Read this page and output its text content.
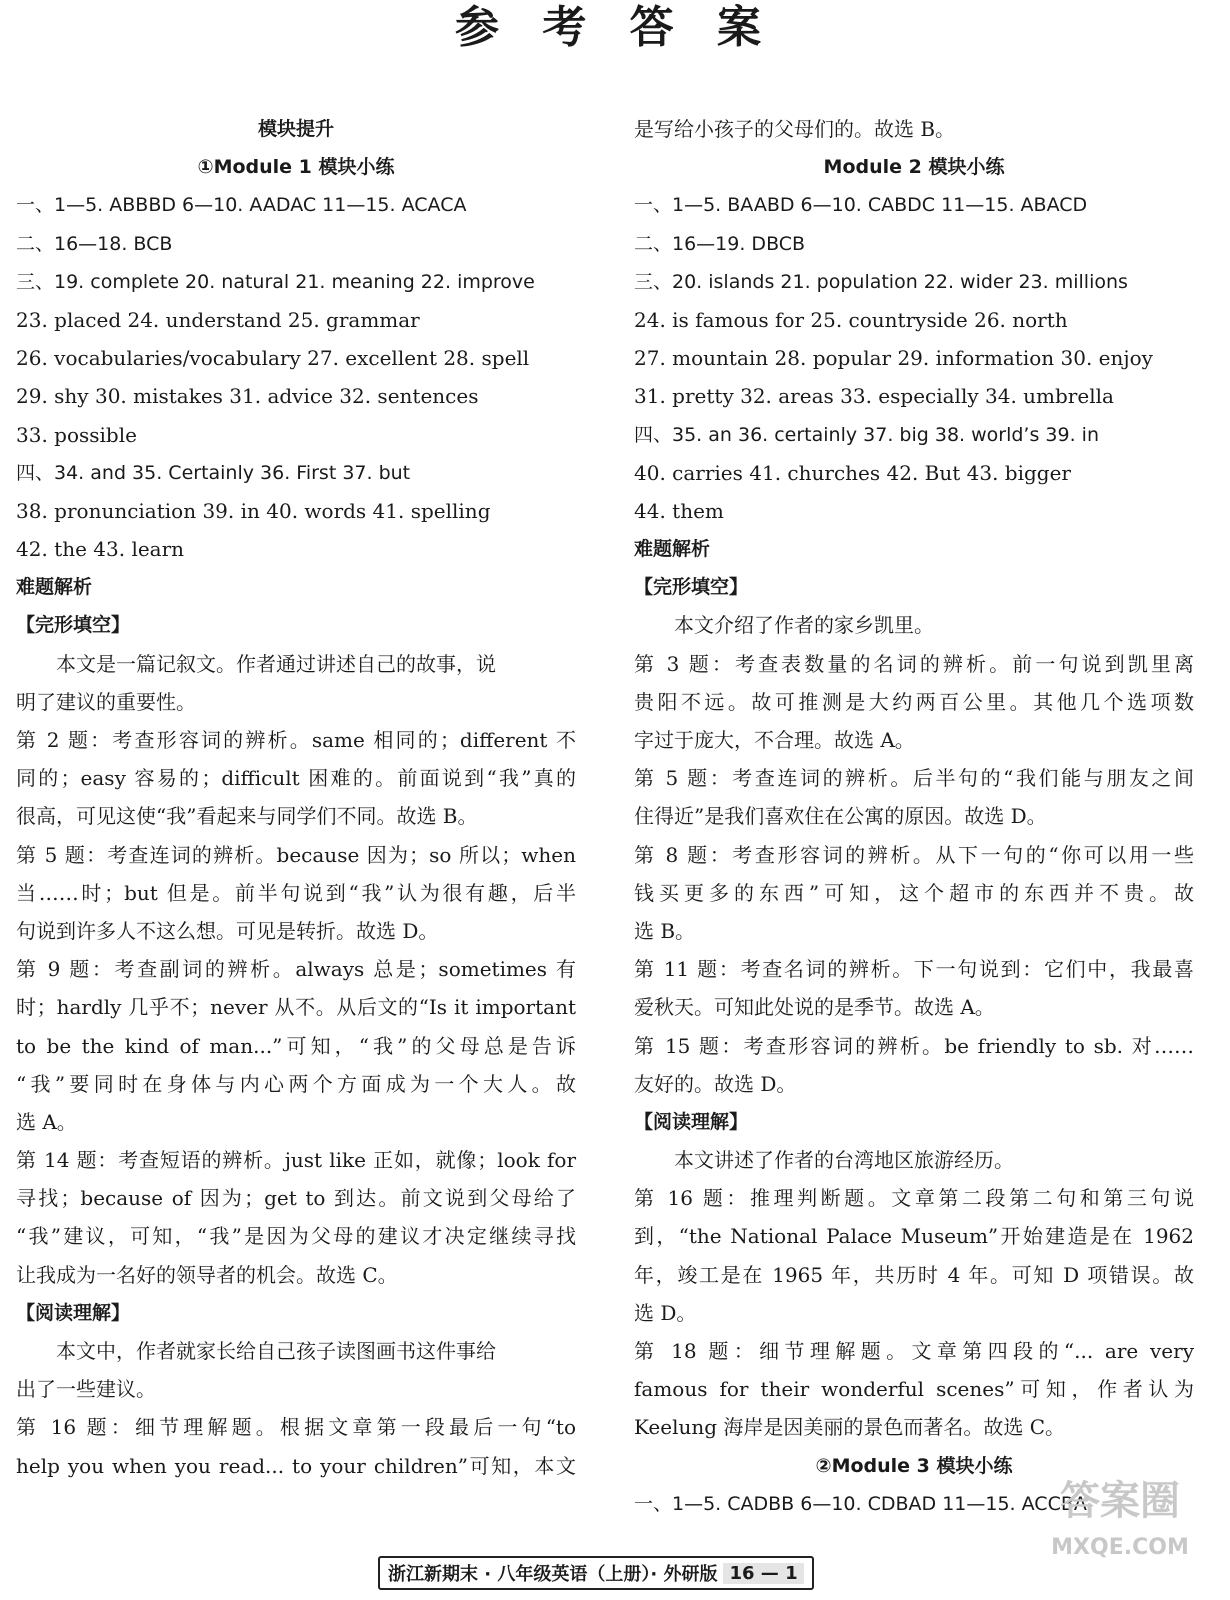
参 考 答 案
模块提升
①Module 1 模块小练
一、1—5. ABBBD 6—10. AADAC 11—15. ACACA
二、16—18. BCB
三、19. complete 20. natural 21. meaning 22. improve
23. placed 24. understand 25. grammar
26. vocabularies/vocabulary 27. excellent 28. spell
29. shy 30. mistakes 31. advice 32. sentences
33. possible
四、34. and 35. Certainly 36. First 37. but
38. pronunciation 39. in 40. words 41. spelling
42. the 43. learn
难题解析
【完形填空】
本文是一篇记叙文。作者通过讲述自己的故事，说
明了建议的重要性。
第 2 题：考查形容词的辨析。same 相同的；different 不
同的；easy 容易的；difficult 困难的。前面说到“我”真的
很高，可见这使“我”看起来与同学们不同。故选 B。
第 5 题：考查连词的辨析。because 因为；so 所以；when
当……时；but 但是。前半句说到“我”认为很有趣，后半
句说到许多人不这么想。可见是转折。故选 D。
第 9 题：考查副词的辨析。always 总是；sometimes 有
时；hardly 几乎不；never 从不。从后文的“Is it important
to be the kind of man...”可知，“我”的父母总是告诉
“我”要同时在身体与内心两个方面成为一个大人。故
选 A。
第 14 题：考查短语的辨析。just like 正如，就像；look for
寻找；because of 因为；get to 到达。前文说到父母给了
“我”建议，可知，“我”是因为父母的建议才决定继续寻找
让我成为一名好的领导者的机会。故选 C。
【阅读理解】
本文中，作者就家长给自己孩子读图画书这件事给
出了一些建议。
第 16 题：细节理解题。根据文章第一段最后一句“to
help you when you read... to your children”可知，本文
是写给小孩子的父母们的。故选 B。
Module 2 模块小练
一、1—5. BAABD 6—10. CABDC 11—15. ABACD
二、16—19. DBCB
三、20. islands 21. population 22. wider 23. millions
24. is famous for 25. countryside 26. north
27. mountain 28. popular 29. information 30. enjoy
31. pretty 32. areas 33. especially 34. umbrella
四、35. an 36. certainly 37. big 38. world’s 39. in
40. carries 41. churches 42. But 43. bigger
44. them
难题解析
【完形填空】
本文介绍了作者的家乡凯里。
第 3 题：考查表数量的名词的辨析。前一句说到凯里离
贵阳不远。故可推测是大约两百公里。其他几个选项数
字过于庞大，不合理。故选 A。
第 5 题：考查连词的辨析。后半句的“我们能与朋友之间
住得近”是我们喜欢住在公寓的原因。故选 D。
第 8 题：考查形容词的辨析。从下一句的“你可以用一些
钱买更多的东西”可知，这个超市的东西并不贵。故
选 B。
第 11 题：考查名词的辨析。下一句说到：它们中，我最喜
爱秋天。可知此处说的是季节。故选 A。
第 15 题：考查形容词的辨析。be friendly to sb. 对……
友好的。故选 D。
【阅读理解】
本文讲述了作者的台湾地区旅游经历。
第 16 题：推理判断题。文章第二段第二句和第三句说
到，“the National Palace Museum”开始建造是在 1962
年，竣工是在 1965 年，共历时 4 年。可知 D 项错误。故
选 D。
第 18 题：细节理解题。文章第四段的“... are very
famous for their wonderful scenes”可知，作者认为
Keelung 海岸是因美丽的景色而著名。故选 C。
②Module 3 模块小练
一、1—5. CADBB 6—10. CDBAD 11—15. ACCBA
浙江新期末 · 八年级英语（上册）· 外研版 16 — 1
答案圈
MXQE.COM
